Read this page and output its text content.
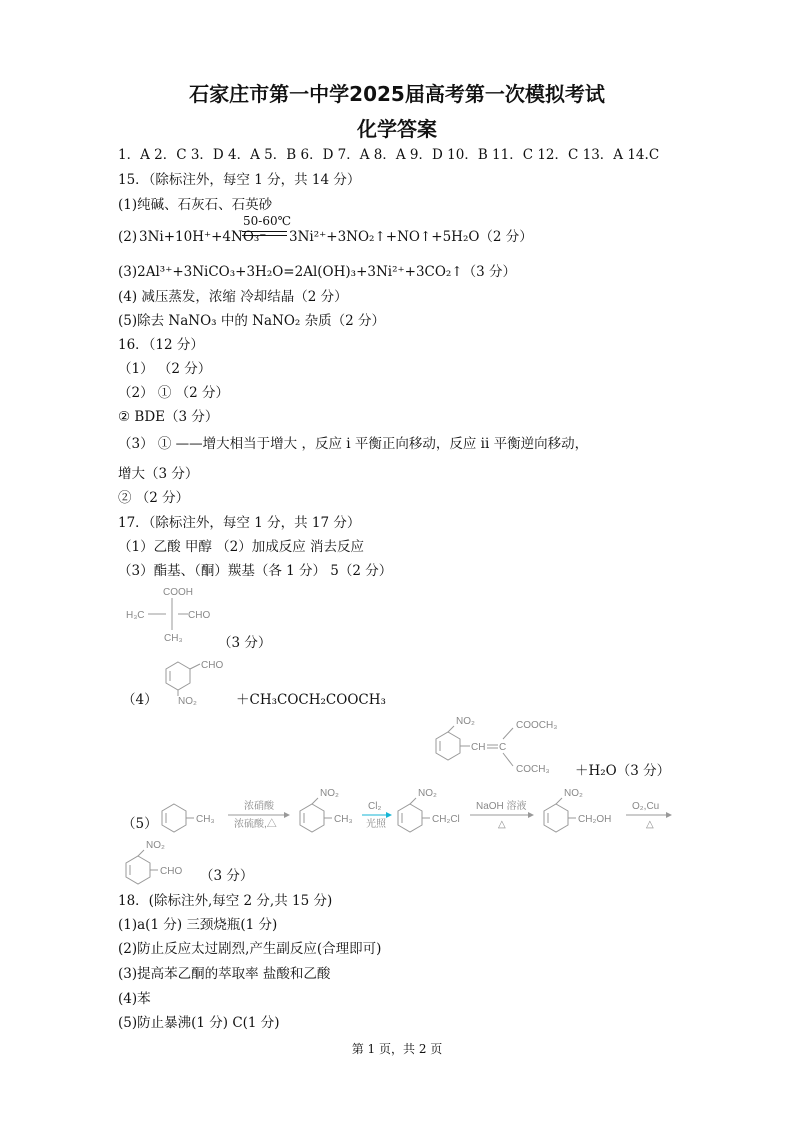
石家庄市第一中学2025届高考第一次模拟考试
化学答案
1．A 2．C 3．D 4．A 5．B 6．D 7．A 8．A 9．D 10．B 11．C 12．C 13．A 14.C
15．（除标注外，每空 1 分，共 14 分）
(1)纯碱、石灰石、石英砂
(2) 3Ni+10H⁺+4NO₃⁻
50-60℃
3Ni²⁺+3NO₂↑+NO↑+5H₂O（2 分）
(3)2Al³⁺+3NiCO₃+3H₂O=2Al(OH)₃+3Ni²⁺+3CO₂↑（3 分）
(4) 减压蒸发，浓缩 冷却结晶（2 分）
(5)除去 NaNO₃ 中的 NaNO₂ 杂质（2 分）
16．（12 分）
（1） （2 分）
（2） ① （2 分）
② BDE（3 分）
（3） ① ——增大相当于增大 ，反应 i 平衡正向移动，反应 ii 平衡逆向移动，
增大（3 分）
② （2 分）
17．（除标注外，每空 1 分，共 17 分）
（1）乙酸 甲醇 （2）加成反应 消去反应
（3）酯基、（酮）羰基（各 1 分） 5（2 分）
COOH
H₃C	CHO
CH₃	（3 分）
CHO
NO₂
（4）	＋CH₃COCH₂COOCH₃
NO₂
CH C
COOCH₃
COCH₃ ＋H₂O（3 分）
（5）	CH₃
浓硝酸
浓硫酸,△
NO₂
CH₃
Cl₂
光照
NO₂
CH₂Cl
NaOH 溶液
△
NO₂
CH₂OH
O₂,Cu
△
NO₂
CHO （3 分）
18．(除标注外,每空 2 分,共 15 分)
(1)a(1 分) 三颈烧瓶(1 分)
(2)防止反应太过剧烈,产生副反应(合理即可)
(3)提高苯乙酮的萃取率 盐酸和乙酸
(4)苯
(5)防止暴沸(1 分) C(1 分)
第 1 页，共 2 页
